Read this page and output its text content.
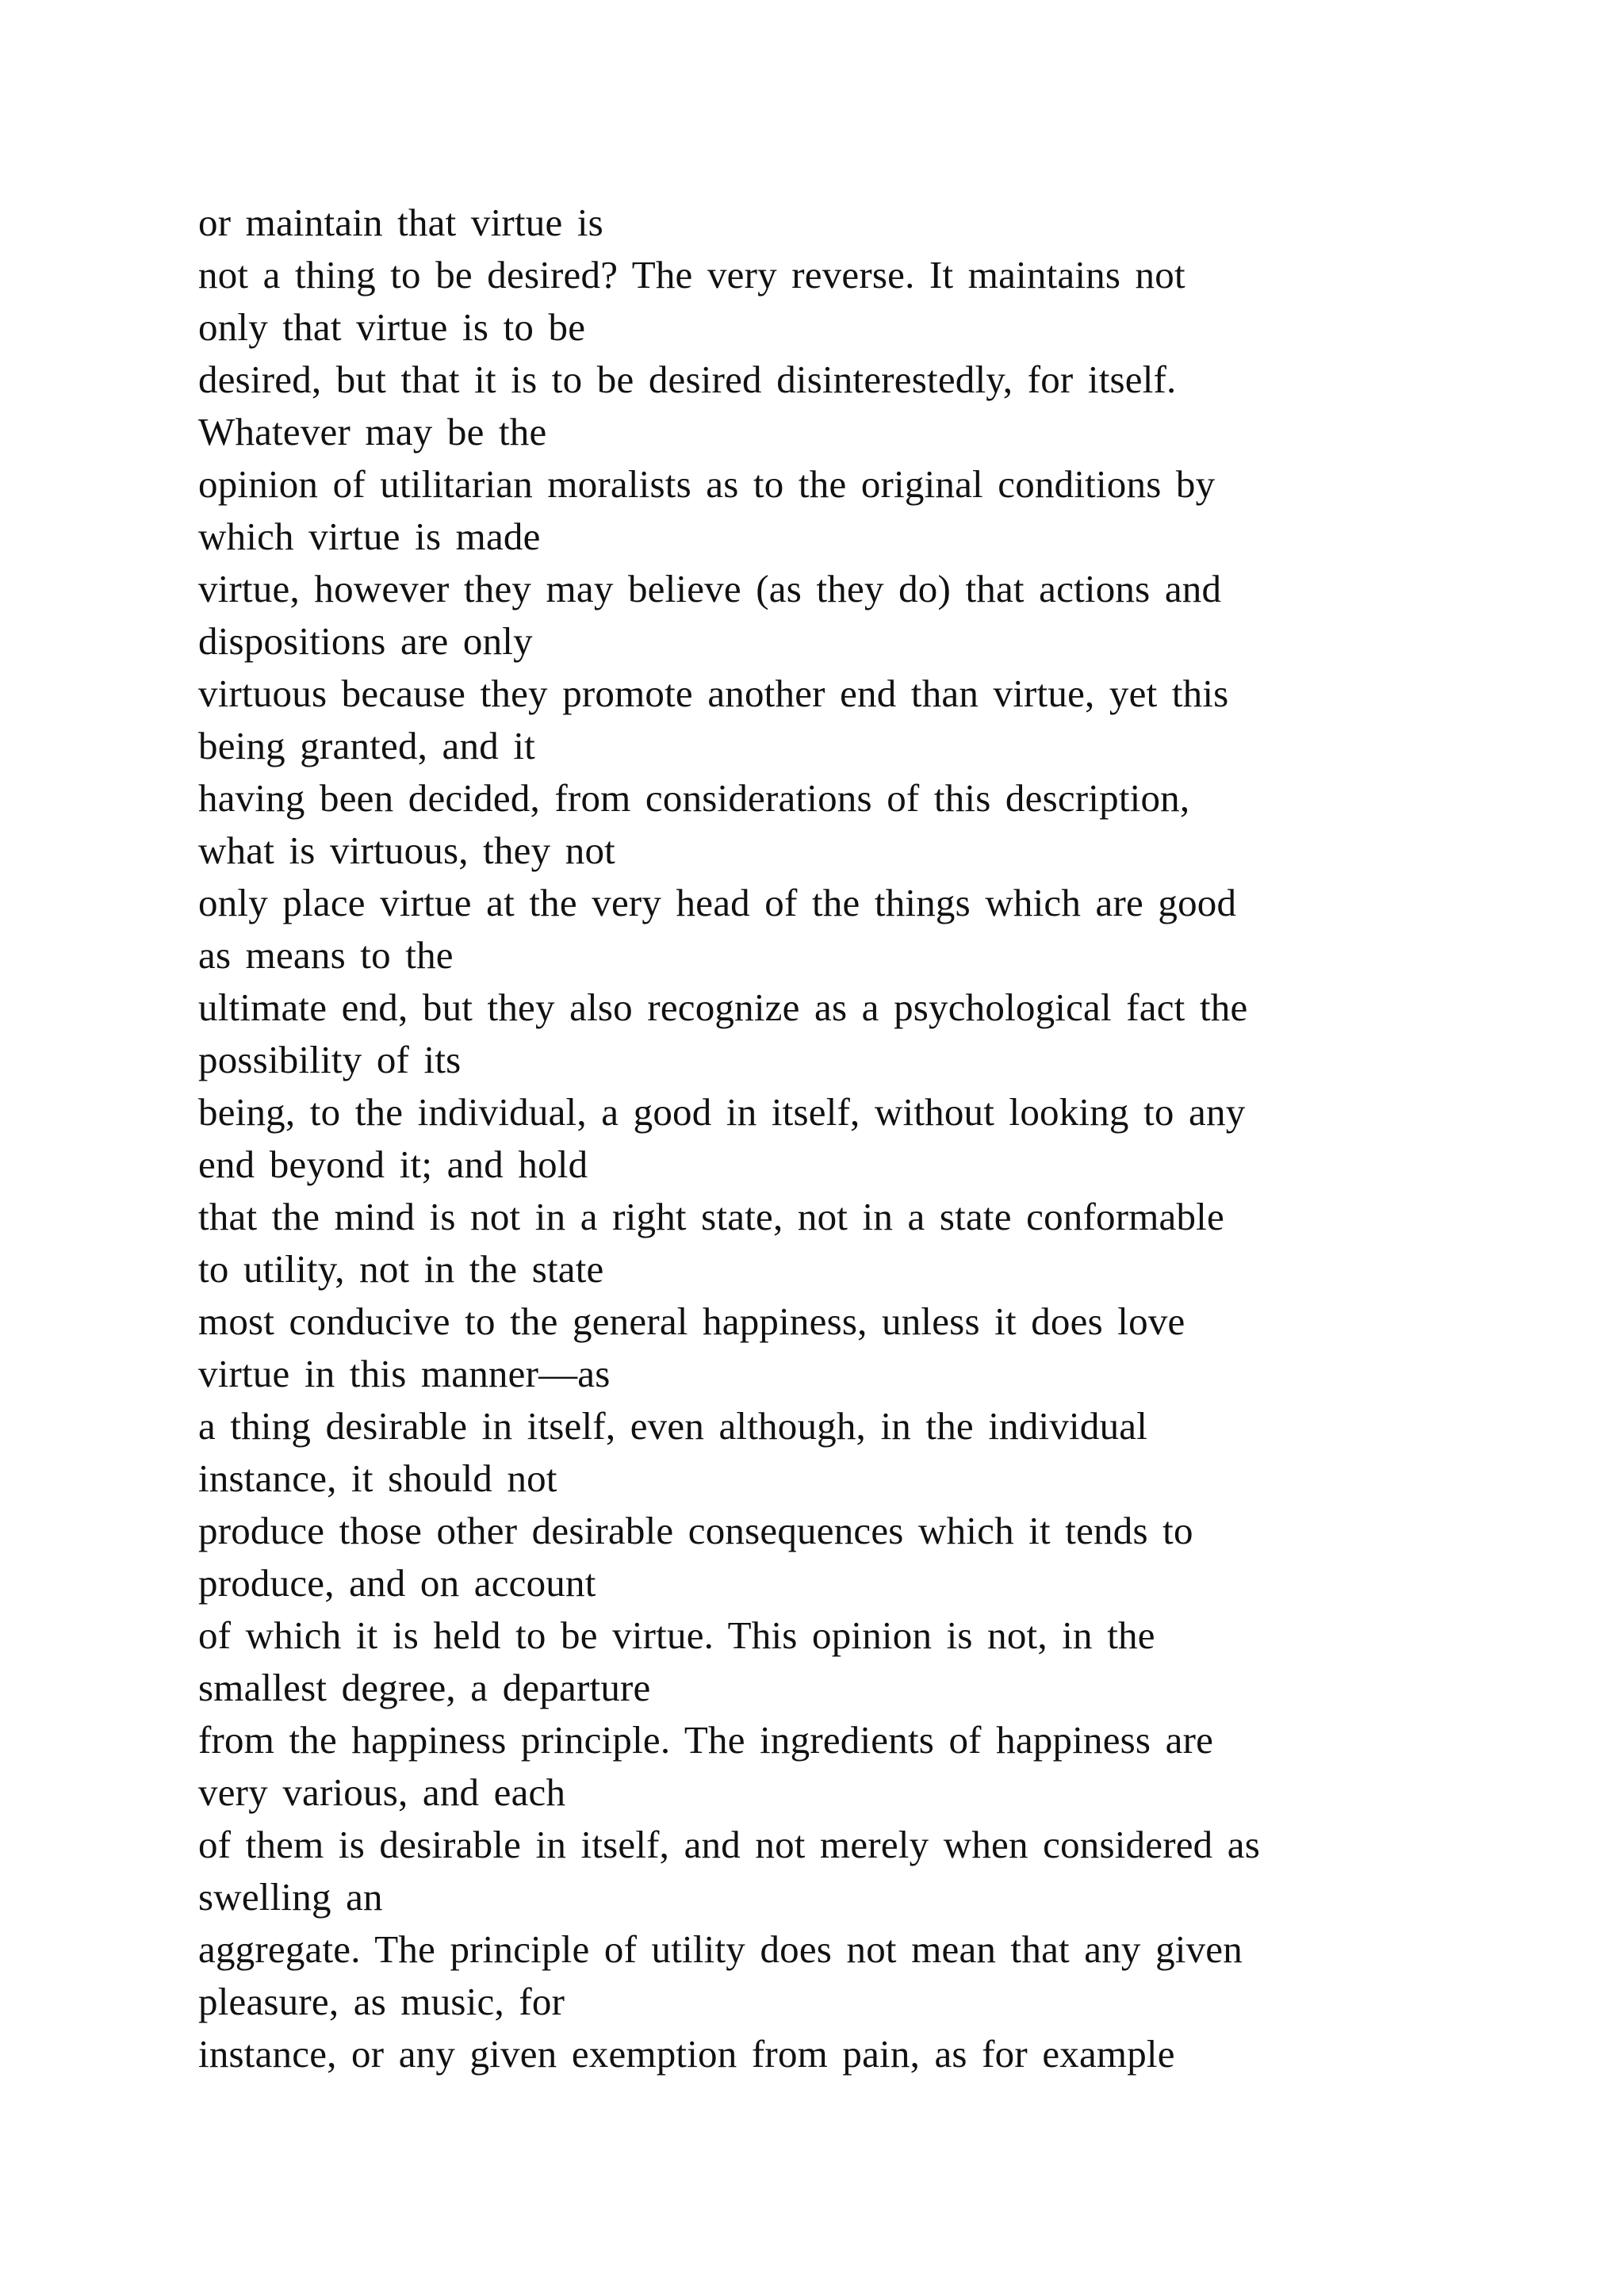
or maintain that virtue is
not a thing to be desired? The very reverse. It maintains not
only that virtue is to be
desired, but that it is to be desired disinterestedly, for itself.
Whatever may be the
opinion of utilitarian moralists as to the original conditions by
which virtue is made
virtue, however they may believe (as they do) that actions and
dispositions are only
virtuous because they promote another end than virtue, yet this
being granted, and it
having been decided, from considerations of this description,
what is virtuous, they not
only place virtue at the very head of the things which are good
as means to the
ultimate end, but they also recognize as a psychological fact the
possibility of its
being, to the individual, a good in itself, without looking to any
end beyond it; and hold
that the mind is not in a right state, not in a state conformable
to utility, not in the state
most conducive to the general happiness, unless it does love
virtue in this manner—as
a thing desirable in itself, even although, in the individual
instance, it should not
produce those other desirable consequences which it tends to
produce, and on account
of which it is held to be virtue. This opinion is not, in the
smallest degree, a departure
from the happiness principle. The ingredients of happiness are
very various, and each
of them is desirable in itself, and not merely when considered as
swelling an
aggregate. The principle of utility does not mean that any given
pleasure, as music, for
instance, or any given exemption from pain, as for example
